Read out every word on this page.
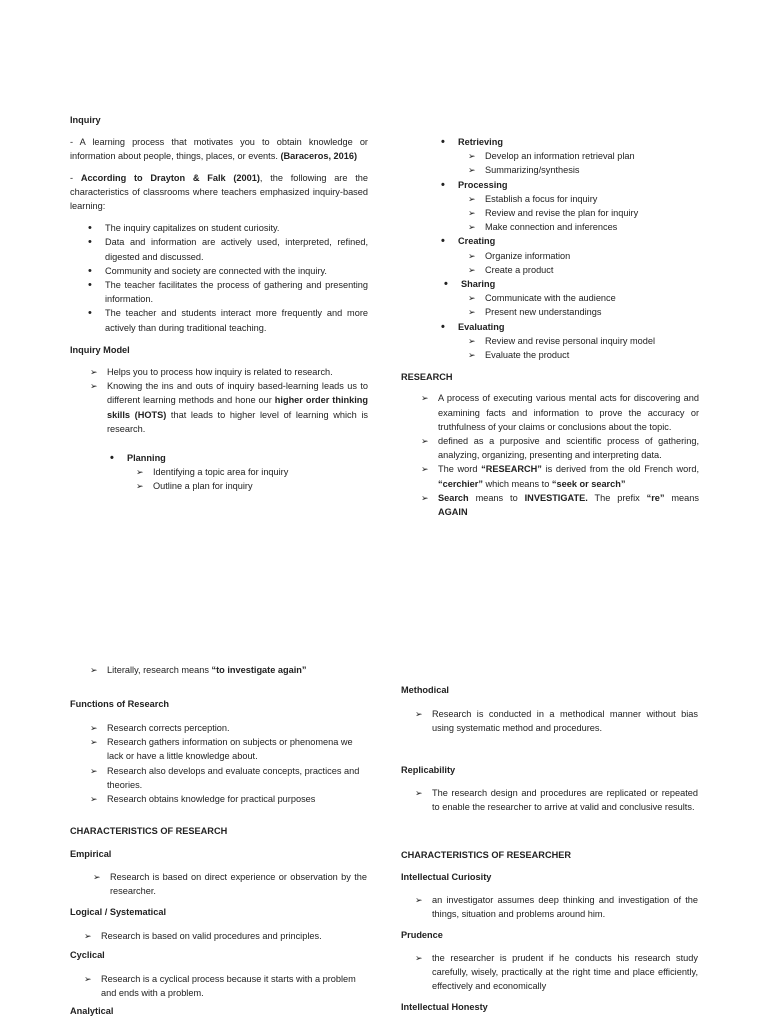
Inquiry

- A learning process that motivates you to obtain knowledge or information about people, things, places, or events. (Baraceros, 2016)

- According to Drayton & Falk (2001), the following are the characteristics of classrooms where teachers emphasized inquiry-based learning:

• The inquiry capitalizes on student curiosity.
• Data and information are actively used, interpreted, refined, digested and discussed.
• Community and society are connected with the inquiry.
• The teacher facilitates the process of gathering and presenting information.
• The teacher and students interact more frequently and more actively than during traditional teaching.

Inquiry Model

➢ Helps you to process how inquiry is related to research.
➢ Knowing the ins and outs of inquiry based-learning leads us to different learning methods and hone our higher order thinking skills (HOTS) that leads to higher level of learning which is research.
• Planning
➢ Identifying a topic area for inquiry
➢ Outline a plan for inquiry
• Retrieving
➢ Develop an information retrieval plan
➢ Summarizing/synthesis
• Processing
➢ Establish a focus for inquiry
➢ Review and revise the plan for inquiry
➢ Make connection and inferences
• Creating
➢ Organize information
➢ Create a product
• Sharing
➢ Communicate with the audience
➢ Present new understandings
• Evaluating
➢ Review and revise personal inquiry model
➢ Evaluate the product

RESEARCH

➢ A process of executing various mental acts for discovering and examining facts and information to prove the accuracy or truthfulness of your claims or conclusions about the topic.
➢ defined as a purposive and scientific process of gathering, analyzing, organizing, presenting and interpreting data.
➢ The word “RESEARCH” is derived from the old French word, “cerchier” which means to “seek or search”
➢ Search means to INVESTIGATE. The prefix “re” means AGAIN
➢ Literally, research means “to investigate again”

Functions of Research

➢ Research corrects perception.
➢ Research gathers information on subjects or phenomena we lack or have a little knowledge about.
➢ Research also develops and evaluate concepts, practices and theories.
➢ Research obtains knowledge for practical purposes

CHARACTERISTICS OF RESEARCH

Empirical

➢ Research is based on direct experience or observation by the researcher.

Logical / Systematical

➢ Research is based on valid procedures and principles.

Cyclical

➢ Research is a cyclical process because it starts with a problem and ends with a problem.

Analytical

Methodical

➢ Research is conducted in a methodical manner without bias using systematic method and procedures.

Replicability

➢ The research design and procedures are replicated or repeated to enable the researcher to arrive at valid and conclusive results.

CHARACTERISTICS OF RESEARCHER

Intellectual Curiosity

➢ an investigator assumes deep thinking and investigation of the things, situation and problems around him.

Prudence

➢ the researcher is prudent if he conducts his research study carefully, wisely, practically at the right time and place efficiently, effectively and economically

Intellectual Honesty
